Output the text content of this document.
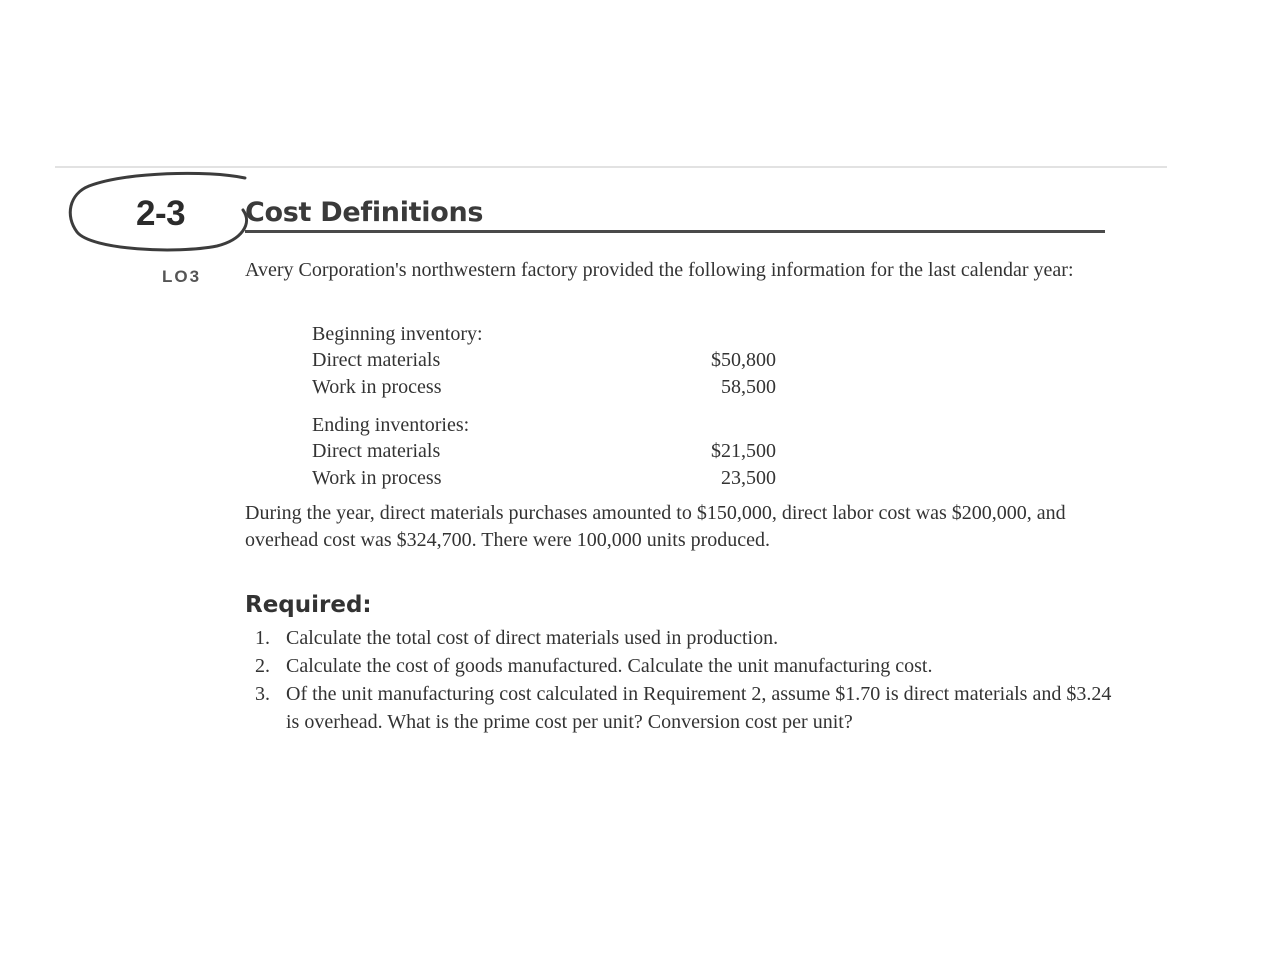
2-3 Cost Definitions
LO3 Avery Corporation's northwestern factory provided the following information for the last calendar year:
Beginning inventory:
Direct materials	$50,800
Work in process	58,500
Ending inventories:
Direct materials	$21,500
Work in process	23,500
During the year, direct materials purchases amounted to $150,000, direct labor cost was $200,000, and overhead cost was $324,700. There were 100,000 units produced.
Required:
1. Calculate the total cost of direct materials used in production.
2. Calculate the cost of goods manufactured. Calculate the unit manufacturing cost.
3. Of the unit manufacturing cost calculated in Requirement 2, assume $1.70 is direct materials and $3.24 is overhead. What is the prime cost per unit? Conversion cost per unit?
